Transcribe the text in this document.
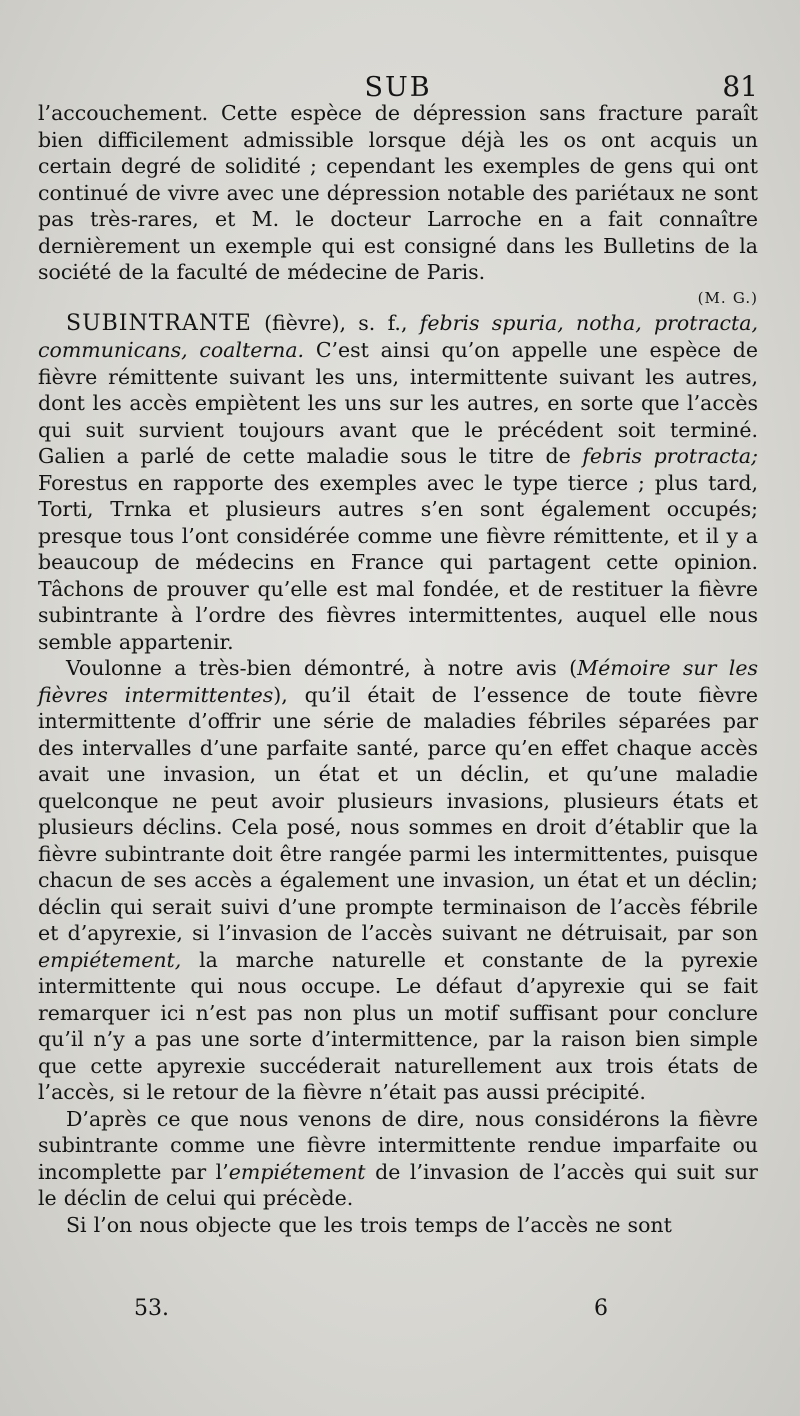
SUB	81

l’accouchement. Cette espèce de dépression sans fracture paraît bien difficilement admissible lorsque déjà les os ont acquis un certain degré de solidité ; cependant les exemples de gens qui ont continué de vivre avec une dépression notable des pariétaux ne sont pas très-rares, et M. le docteur Larroche en a fait connaître dernièrement un exemple qui est consigné dans les Bulletins de la société de la faculté de médecine de Paris.

(M. G.)

SUBINTRANTE (fièvre), s. f., febris spuria, notha, protracta, communicans, coalterna. C’est ainsi qu’on appelle une espèce de fièvre rémittente suivant les uns, intermittente suivant les autres, dont les accès empiètent les uns sur les autres, en sorte que l’accès qui suit survient toujours avant que le précédent soit terminé. Galien a parlé de cette maladie sous le titre de febris protracta; Forestus en rapporte des exemples avec le type tierce ; plus tard, Torti, Trnka et plusieurs autres s’en sont également occupés; presque tous l’ont considérée comme une fièvre rémittente, et il y a beaucoup de médecins en France qui partagent cette opinion. Tâchons de prouver qu’elle est mal fondée, et de restituer la fièvre subintrante à l’ordre des fièvres intermittentes, auquel elle nous semble appartenir.

Voulonne a très-bien démontré, à notre avis (Mémoire sur les fièvres intermittentes), qu’il était de l’essence de toute fièvre intermittente d’offrir une série de maladies fébriles séparées par des intervalles d’une parfaite santé, parce qu’en effet chaque accès avait une invasion, un état et un déclin, et qu’une maladie quelconque ne peut avoir plusieurs invasions, plusieurs états et plusieurs déclins. Cela posé, nous sommes en droit d’établir que la fièvre subintrante doit être rangée parmi les intermittentes, puisque chacun de ses accès a également une invasion, un état et un déclin; déclin qui serait suivi d’une prompte terminaison de l’accès fébrile et d’apyrexie, si l’invasion de l’accès suivant ne détruisait, par son empiétement, la marche naturelle et constante de la pyrexie intermittente qui nous occupe. Le défaut d’apyrexie qui se fait remarquer ici n’est pas non plus un motif suffisant pour conclure qu’il n’y a pas une sorte d’intermittence, par la raison bien simple que cette apyrexie succéderait naturellement aux trois états de l’accès, si le retour de la fièvre n’était pas aussi précipité.

D’après ce que nous venons de dire, nous considérons la fièvre subintrante comme une fièvre intermittente rendue imparfaite ou incomplette par l’empiétement de l’invasion de l’accès qui suit sur le déclin de celui qui précède.

Si l’on nous objecte que les trois temps de l’accès ne sont

53.	6
